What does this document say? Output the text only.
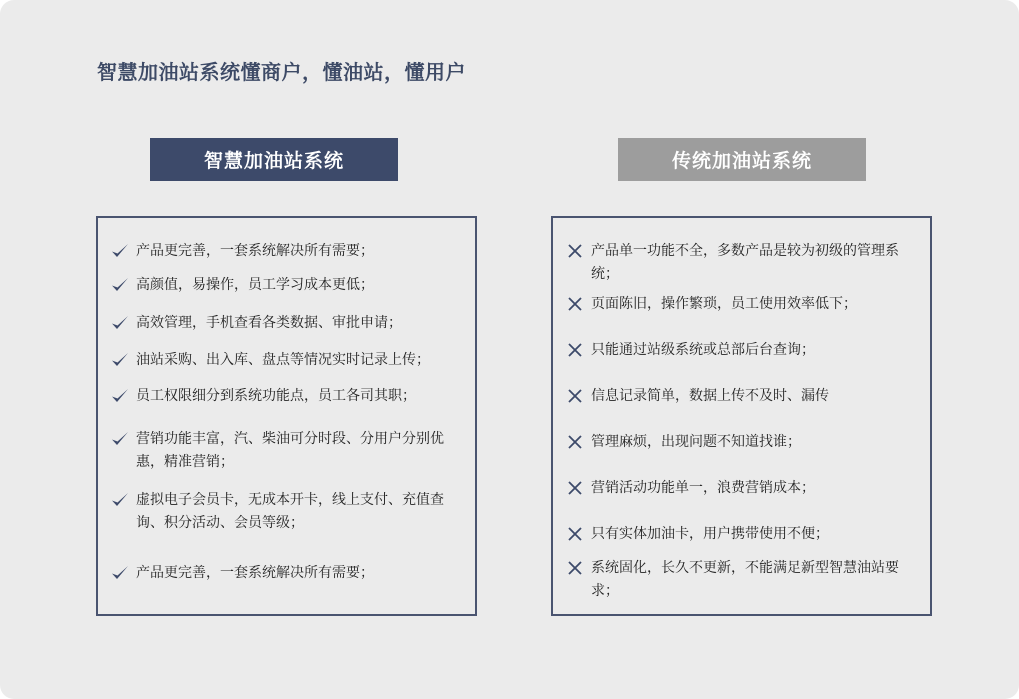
智慧加油站系统懂商户，懂油站，懂用户
智慧加油站系统	传统加油站系统
产品更完善，一套系统解决所有需要；
高颜值，易操作，员工学习成本更低；
高效管理，手机查看各类数据、审批申请；
油站采购、出入库、盘点等情况实时记录上传；
员工权限细分到系统功能点，员工各司其职；
营销功能丰富，汽、柴油可分时段、分用户分别优惠，精准营销；
虚拟电子会员卡，无成本开卡，线上支付、充值查询、积分活动、会员等级；
产品更完善，一套系统解决所有需要；
产品单一功能不全，多数产品是较为初级的管理系统；
页面陈旧，操作繁琐，员工使用效率低下；
只能通过站级系统或总部后台查询；
信息记录简单，数据上传不及时、漏传
管理麻烦，出现问题不知道找谁；
营销活动功能单一，浪费营销成本；
只有实体加油卡，用户携带使用不便；
系统固化，长久不更新，不能满足新型智慧油站要求；
